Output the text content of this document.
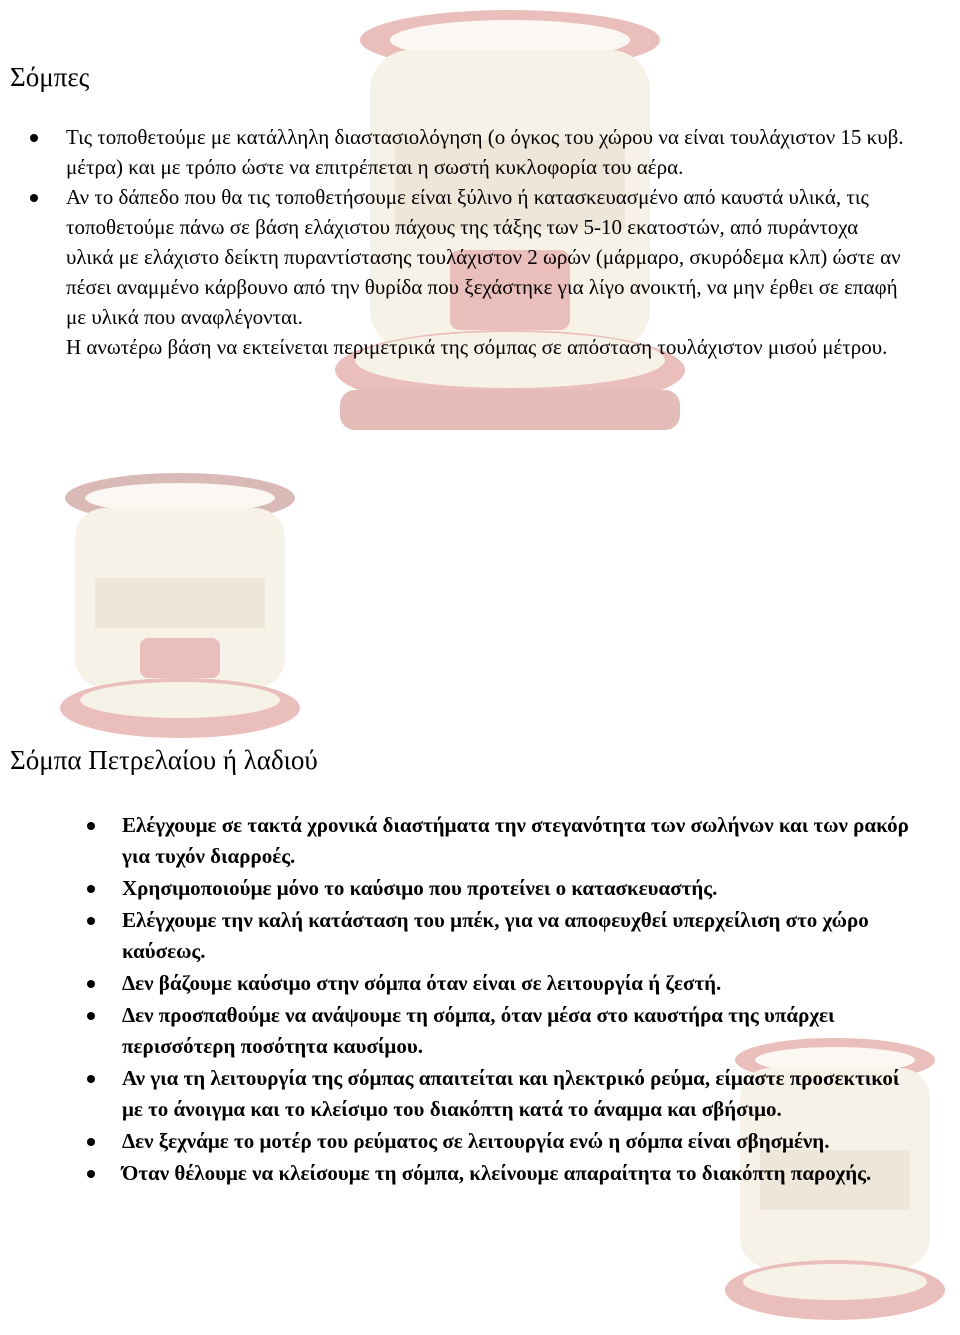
Σόμπες
Τις τοποθετούμε με κατάλληλη διαστασιολόγηση (ο όγκος του χώρου να είναι τουλάχιστον 15 κυβ. μέτρα) και με τρόπο ώστε να επιτρέπεται η σωστή κυκλοφορία του αέρα.
Αν το δάπεδο που θα τις τοποθετήσουμε είναι ξύλινο ή κατασκευασμένο από καυστά υλικά, τις τοποθετούμε πάνω σε βάση ελάχιστου πάχους της τάξης των 5-10 εκατοστών, από πυράντοχα υλικά με ελάχιστο δείκτη πυραντίστασης τουλάχιστον 2 ωρών (μάρμαρο, σκυρόδεμα κλπ) ώστε αν πέσει αναμμένο κάρβουνο από την θυρίδα που ξεχάστηκε για λίγο ανοικτή, να μην έρθει σε επαφή με υλικά που αναφλέγονται.
Η ανωτέρω βάση να εκτείνεται περιμετρικά της σόμπας σε απόσταση τουλάχιστον μισού μέτρου.
Σόμπα Πετρελαίου ή λαδιού
Ελέγχουμε σε τακτά χρονικά διαστήματα την στεγανότητα των σωλήνων και των ρακόρ για τυχόν διαρροές.
Χρησιμοποιούμε μόνο το καύσιμο που προτείνει ο κατασκευαστής.
Ελέγχουμε την καλή κατάσταση του μπέκ, για να αποφευχθεί υπερχείλιση στο χώρο καύσεως.
Δεν βάζουμε καύσιμο στην σόμπα όταν είναι σε λειτουργία ή ζεστή.
Δεν προσπαθούμε να ανάψουμε τη σόμπα, όταν μέσα στο καυστήρα της υπάρχει περισσότερη ποσότητα καυσίμου.
Αν για τη λειτουργία της σόμπας απαιτείται και ηλεκτρικό ρεύμα, είμαστε προσεκτικοί με το άνοιγμα και το κλείσιμο του διακόπτη κατά το άναμμα και σβήσιμο.
Δεν ξεχνάμε το μοτέρ του ρεύματος σε λειτουργία ενώ η σόμπα είναι σβησμένη.
Όταν θέλουμε να κλείσουμε τη σόμπα, κλείνουμε απαραίτητα το διακόπτη παροχής.
